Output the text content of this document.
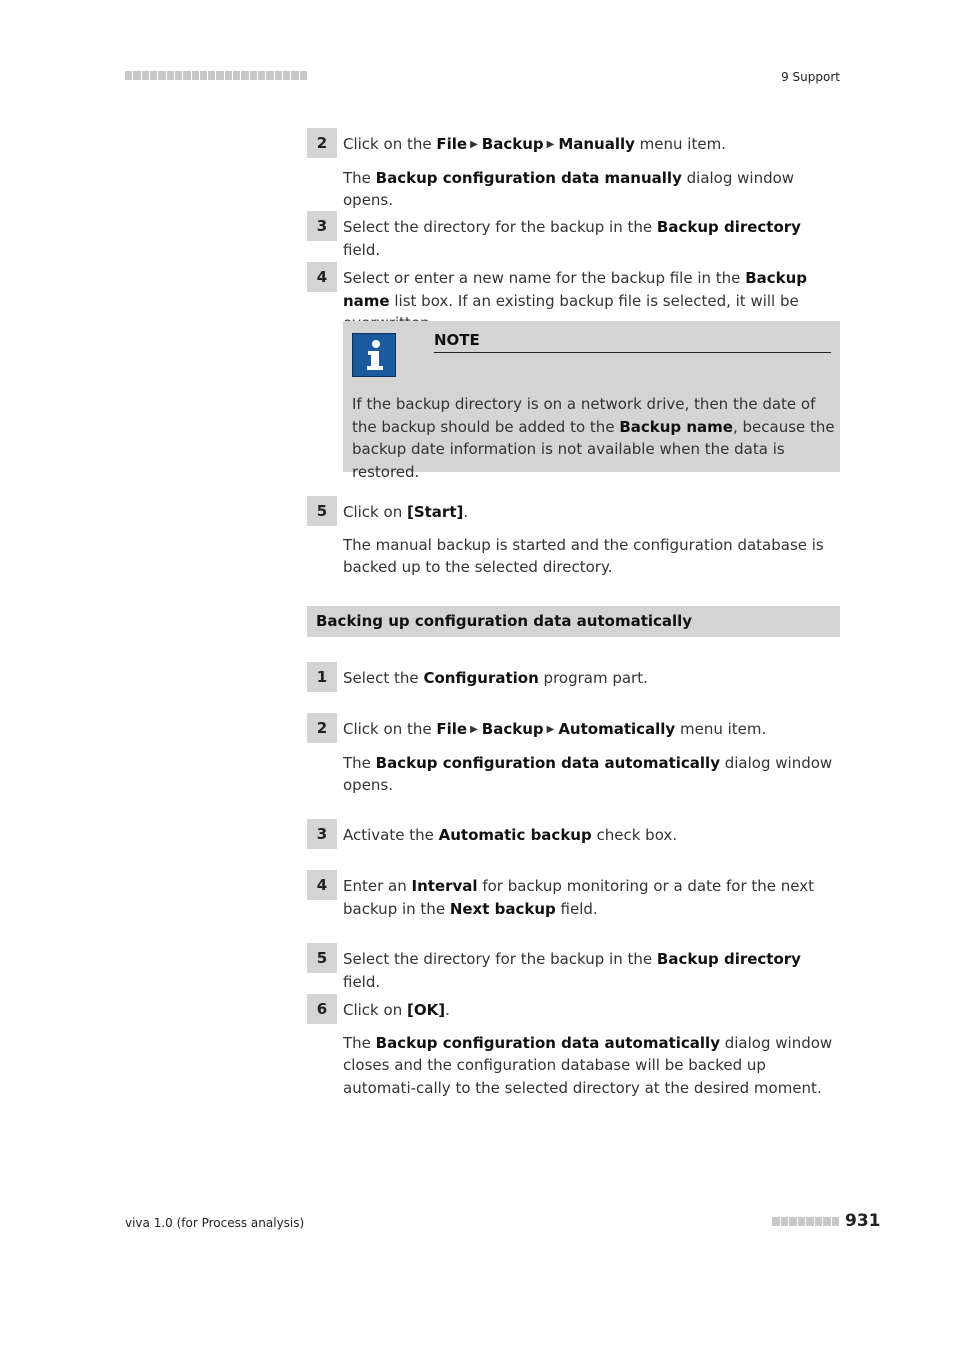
9 Support
2	Click on the File ▶ Backup ▶ Manually menu item.

The Backup configuration data manually dialog window opens.

3	Select the directory for the backup in the Backup directory field.

4	Select or enter a new name for the backup file in the Backup name list box. If an existing backup file is selected, it will be

NOTE
If the backup directory is on a network drive, then the date of the backup should be added to the Backup name, because the backup date information is not available when the data is restored.
5	Click on [Start].

The manual backup is started and the configuration database is backed up to the selected directory.

Backing up configuration data automatically
1	Select the Configuration program part.

2	Click on the File ▶ Backup ▶ Automatically menu item.

The Backup configuration data automatically dialog window opens.

3	Activate the Automatic backup check box.

4	Enter an Interval for backup monitoring or a date for the next backup in the Next backup field.

5	Select the directory for the backup in the Backup directory field.

6	Click on [OK].

The Backup configuration data automatically dialog window closes and the configuration database will be backed up automati-cally to the selected directory at the desired moment.

viva 1.0 (for Process analysis)	931
